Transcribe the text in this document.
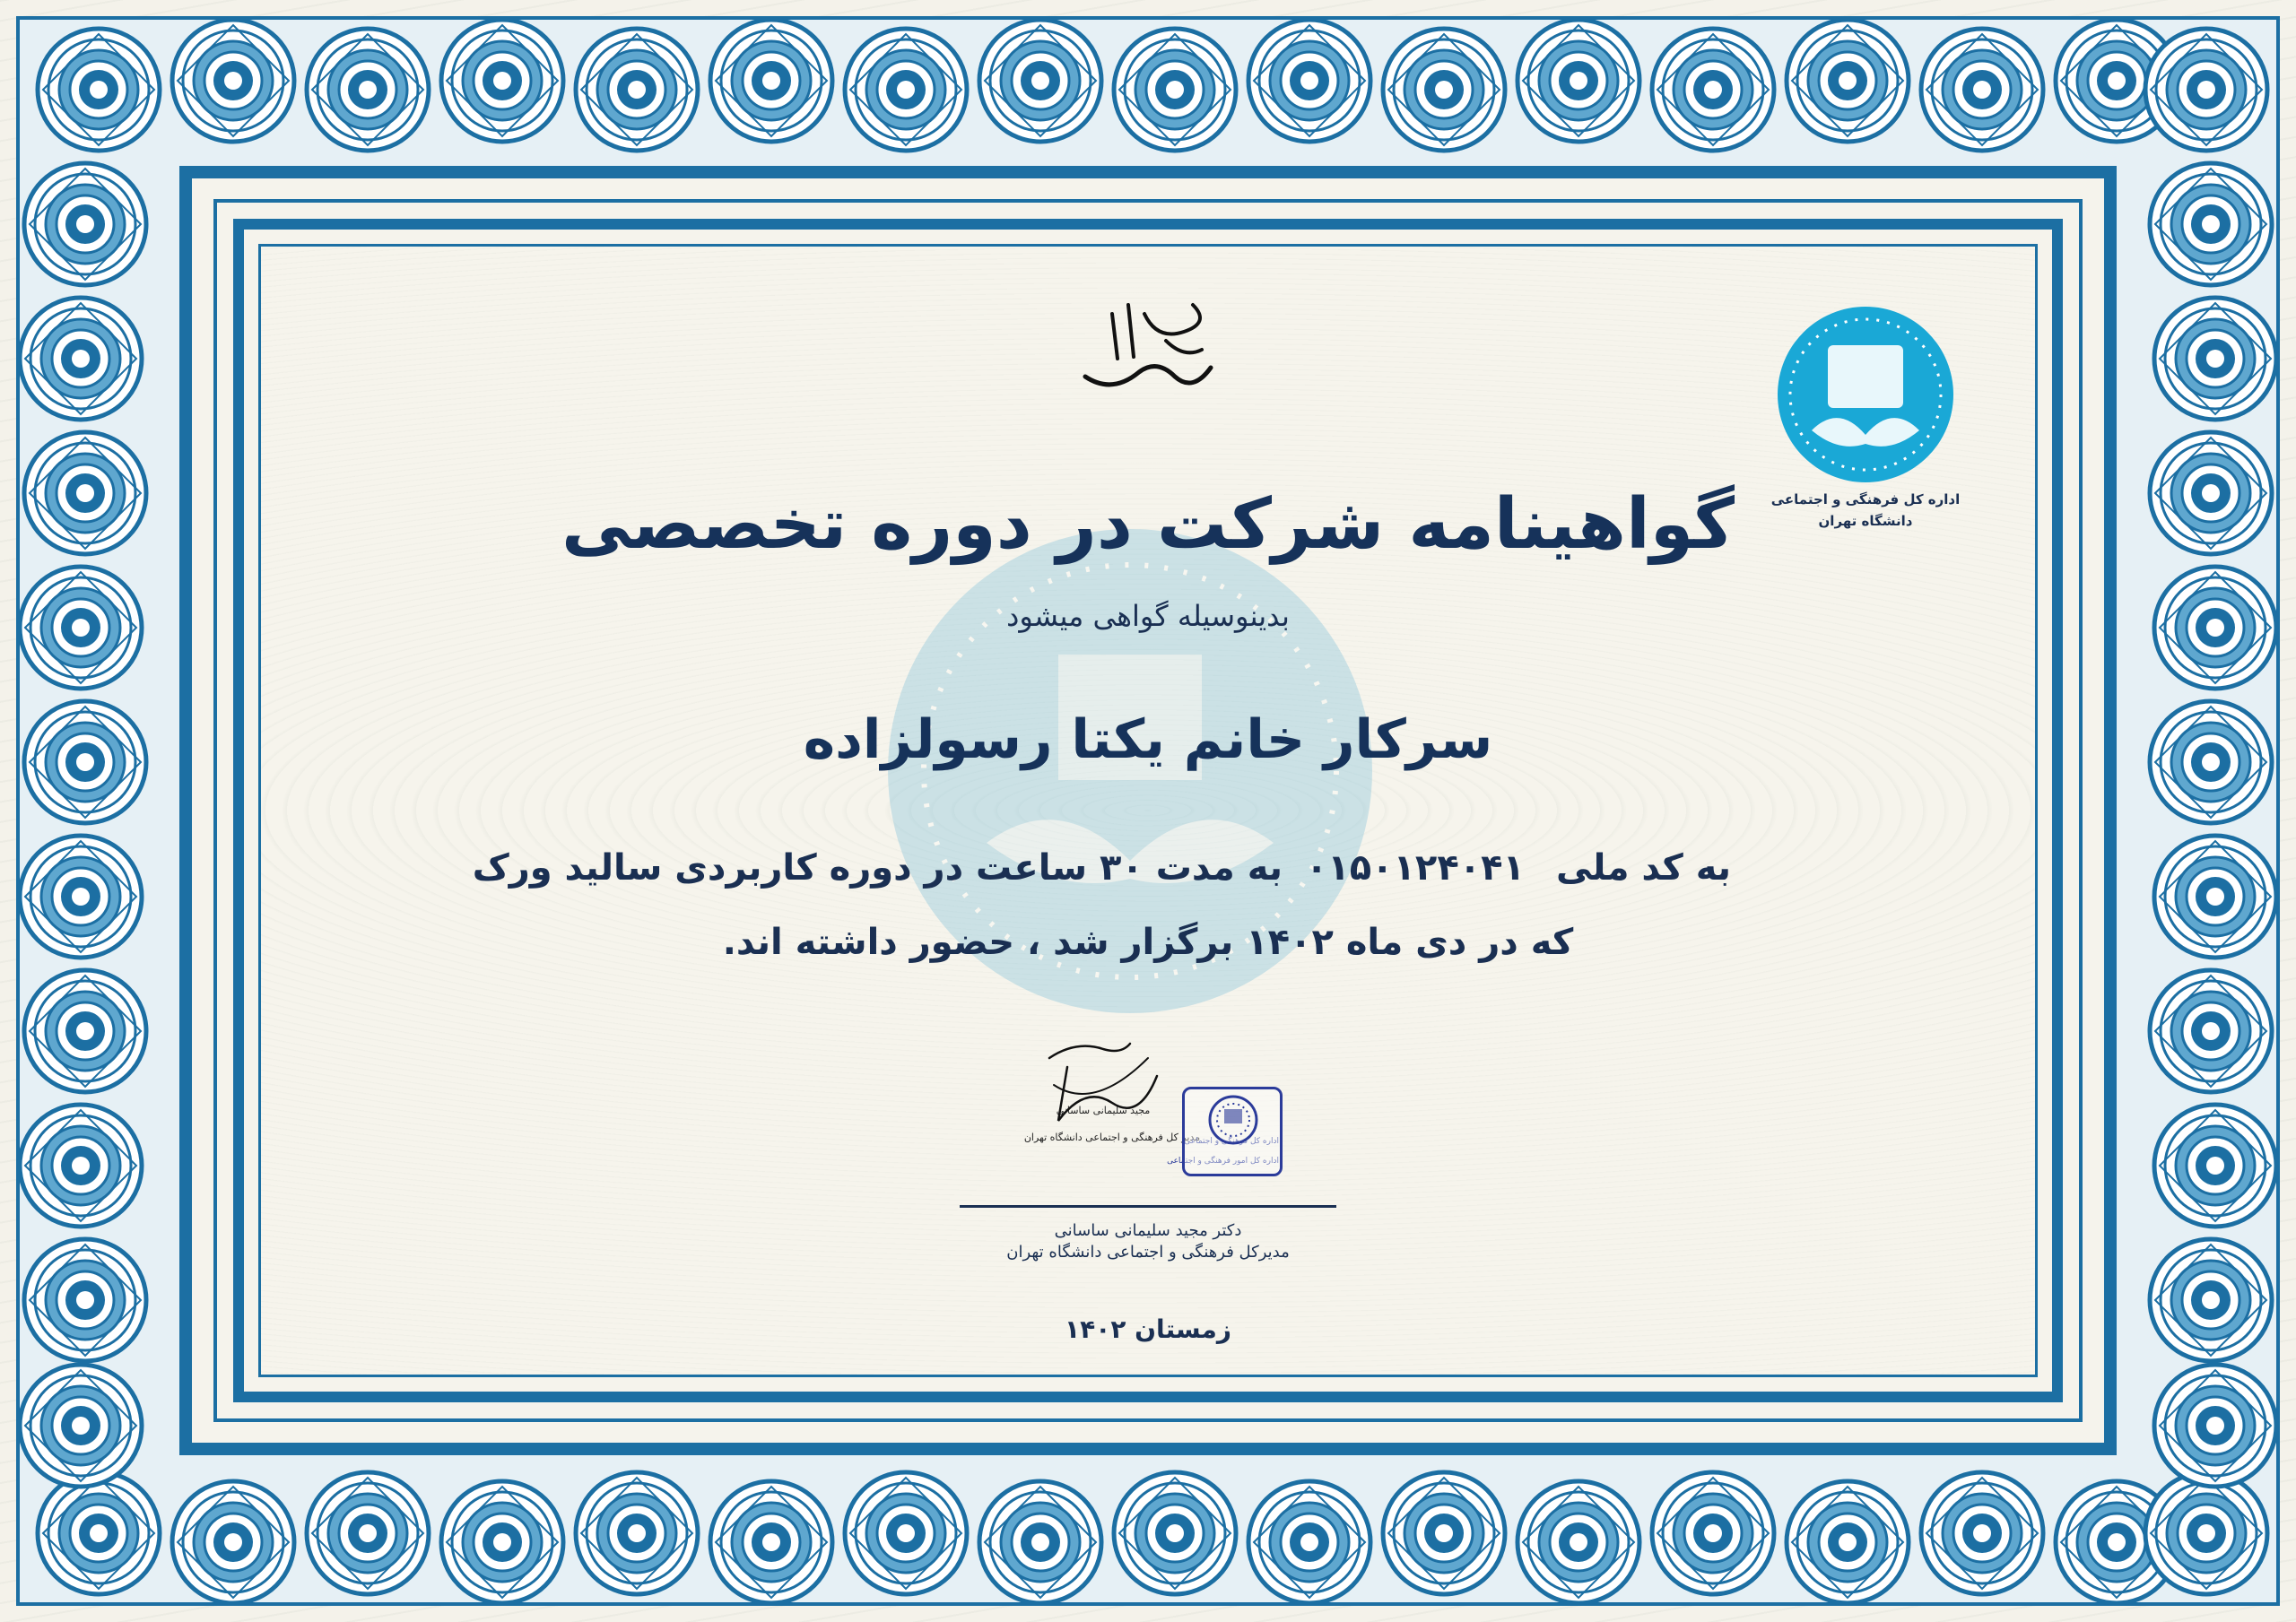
گواهینامه شرکت در دوره تخصصی
بدینوسیله گواهی میشود
سرکار خانم یکتا رسولزاده
به کد ملی
۰۱۵۰۱۲۴۰۴۱
به مدت ۳۰ ساعت در دوره کاربردی سالید ورک
که در دی ماه ۱۴۰۲ برگزار شد ، حضور داشته اند.
اداره کل فرهنگی و اجتماعی
دانشگاه تهران
مجید سلیمانی ساسانی
مدیر کل فرهنگی و اجتماعی دانشگاه تهران
اداره کل فرهنگی و اجتماعی
اداره کل امور فرهنگی و اجتماعی
دکتر مجید سلیمانی ساسانی
مدیرکل فرهنگی و اجتماعی دانشگاه تهران
زمستان ۱۴۰۲
